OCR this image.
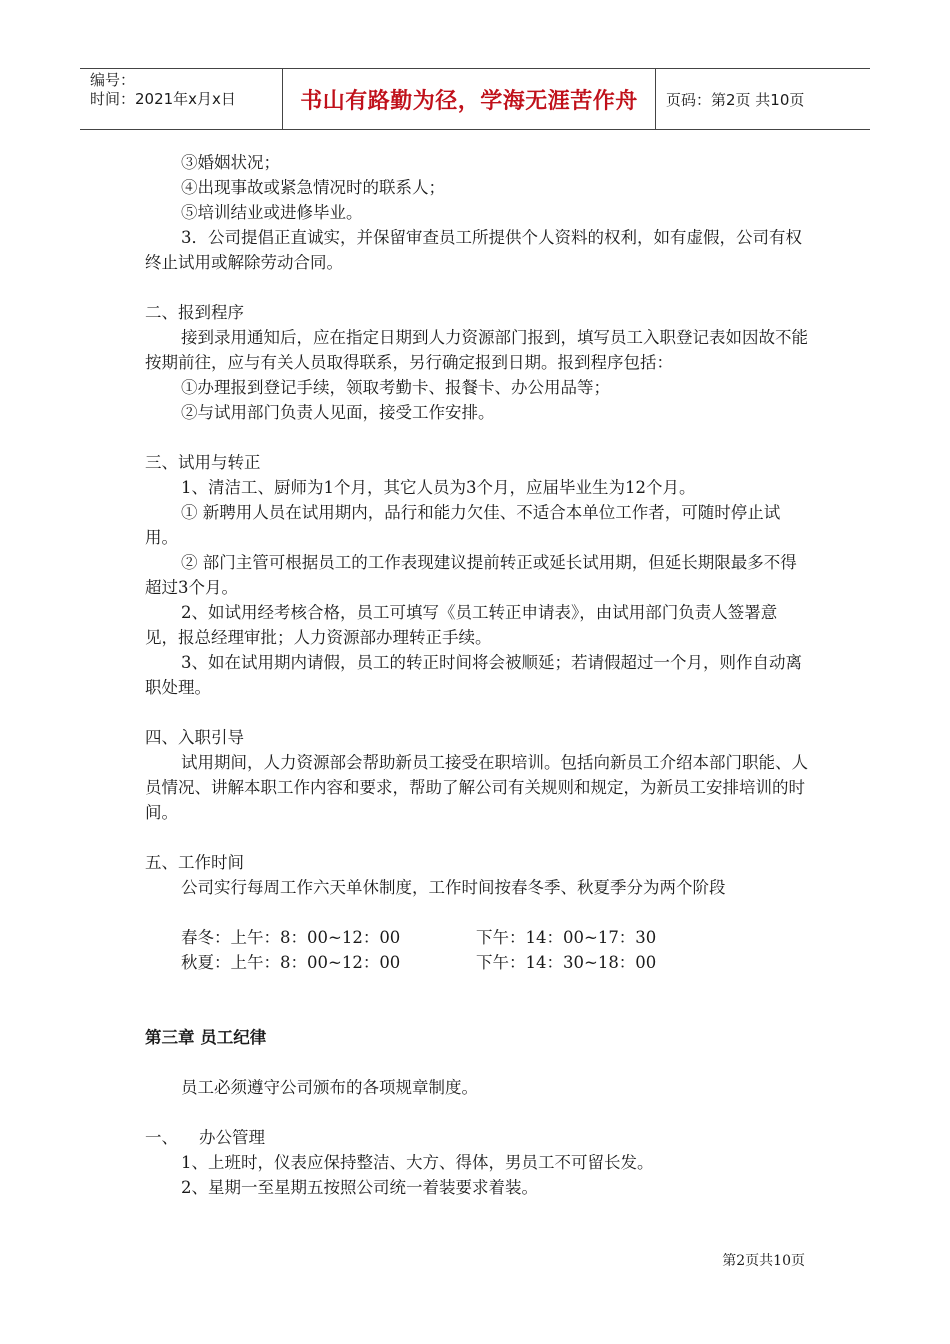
编号：
时间：2021年x月x日	书山有路勤为径，学海无涯苦作舟	页码：第2页 共10页

③婚姻状况；

④出现事故或紧急情况时的联系人；

⑤培训结业或进修毕业。

3．公司提倡正直诚实，并保留审查员工所提供个人资料的权利，如有虚假，公司有权终止试用或解除劳动合同。

二、报到程序

接到录用通知后，应在指定日期到人力资源部门报到，填写员工入职登记表如因故不能按期前往，应与有关人员取得联系，另行确定报到日期。报到程序包括：

①办理报到登记手续，领取考勤卡、报餐卡、办公用品等；

②与试用部门负责人见面，接受工作安排。

三、试用与转正

1、清洁工、厨师为1个月，其它人员为3个月，应届毕业生为12个月。

① 新聘用人员在试用期内，品行和能力欠佳、不适合本单位工作者，可随时停止试用。

② 部门主管可根据员工的工作表现建议提前转正或延长试用期，但延长期限最多不得超过3个月。

2、如试用经考核合格，员工可填写《员工转正申请表》，由试用部门负责人签署意见，报总经理审批；人力资源部办理转正手续。

3、如在试用期内请假，员工的转正时间将会被顺延；若请假超过一个月，则作自动离职处理。

四、入职引导

试用期间，人力资源部会帮助新员工接受在职培训。包括向新员工介绍本部门职能、人员情况、讲解本职工作内容和要求，帮助了解公司有关规则和规定，为新员工安排培训的时间。

五、工作时间

公司实行每周工作六天单休制度，工作时间按春冬季、秋夏季分为两个阶段

春冬：上午：8：00~12：00	下午：14：00~17：30
秋夏：上午：8：00~12：00	下午：14：30~18：00

第三章 员工纪律

员工必须遵守公司颁布的各项规章制度。

一、    办公管理

1、上班时，仪表应保持整洁、大方、得体，男员工不可留长发。

2、星期一至星期五按照公司统一着装要求着装。

第2页共10页
